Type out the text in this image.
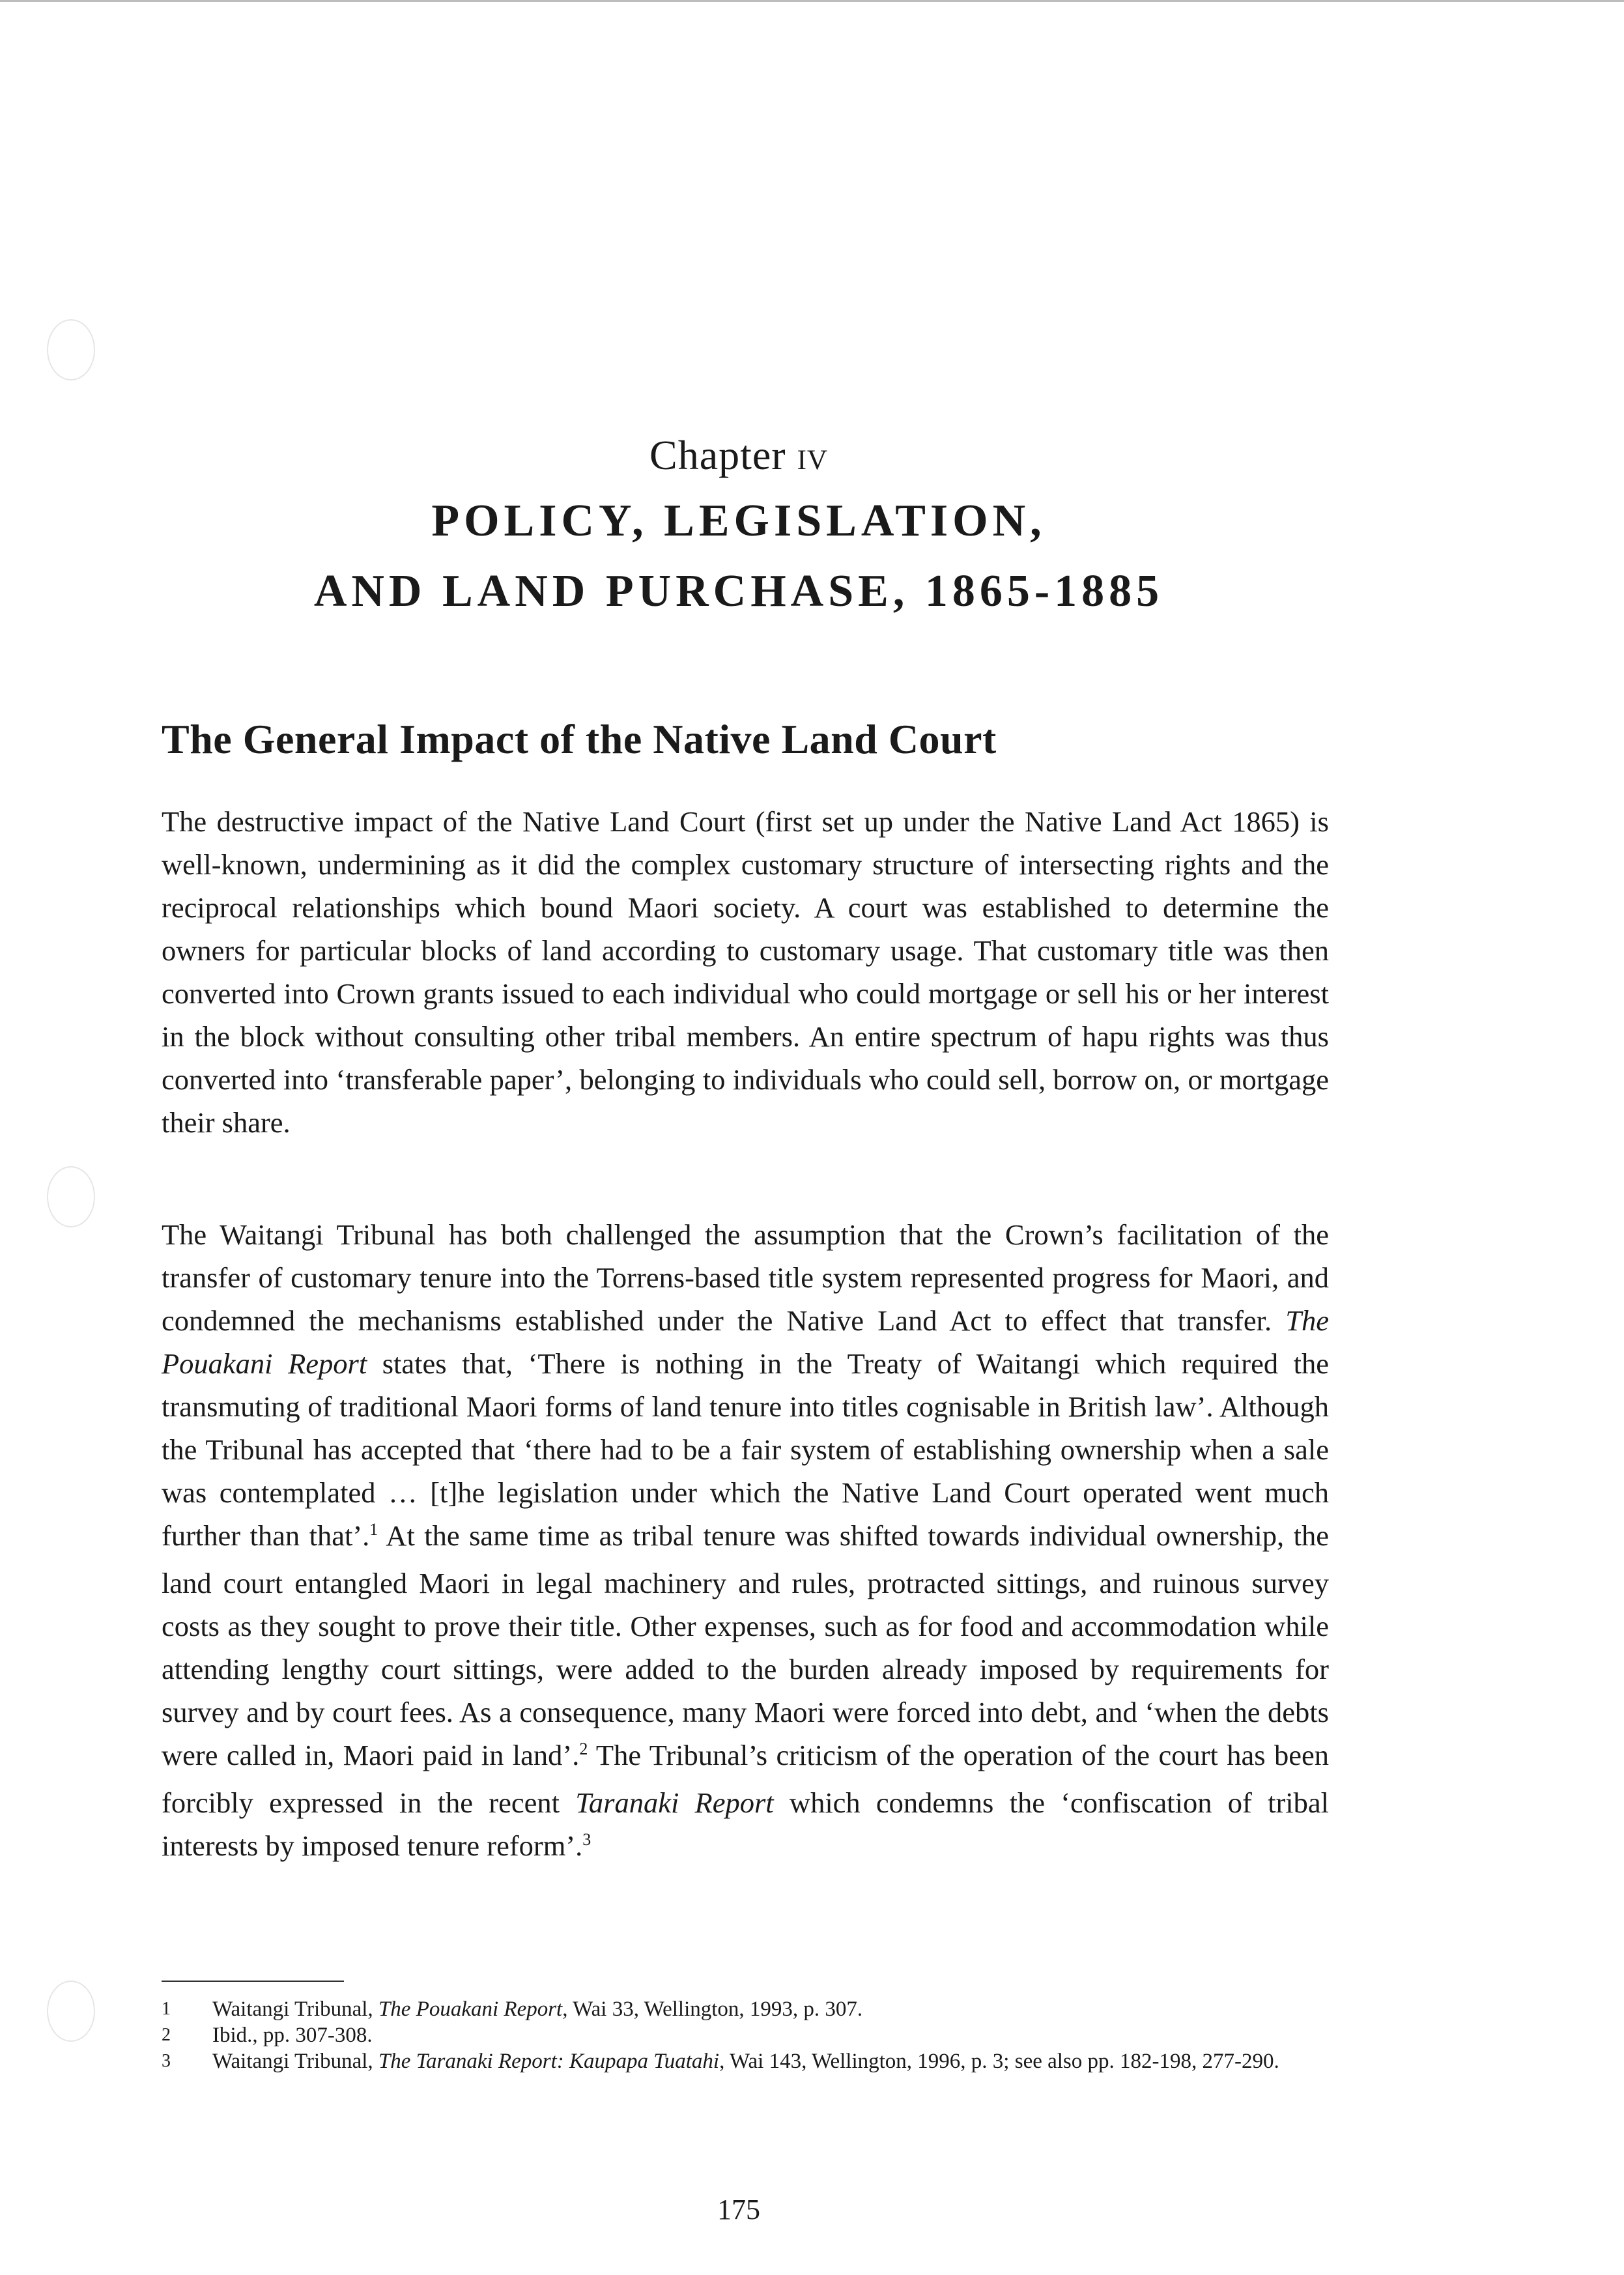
Chapter iv
POLICY, LEGISLATION,
AND LAND PURCHASE, 1865-1885
The General Impact of the Native Land Court

The destructive impact of the Native Land Court (first set up under the Native Land Act 1865) is well-known, undermining as it did the complex customary structure of intersecting rights and the reciprocal relationships which bound Maori society. A court was established to determine the owners for particular blocks of land according to customary usage. That customary title was then converted into Crown grants issued to each individual who could mortgage or sell his or her interest in the block without consulting other tribal members. An entire spectrum of hapu rights was thus converted into ‘transferable paper’, belonging to individuals who could sell, borrow on, or mortgage their share.

The Waitangi Tribunal has both challenged the assumption that the Crown’s facilitation of the transfer of customary tenure into the Torrens-based title system represented progress for Maori, and condemned the mechanisms established under the Native Land Act to effect that transfer. The Pouakani Report states that, ‘There is nothing in the Treaty of Waitangi which required the transmuting of traditional Maori forms of land tenure into titles cognisable in British law’. Although the Tribunal has accepted that ‘there had to be a fair system of establishing ownership when a sale was contemplated … [t]he legislation under which the Native Land Court operated went much further than that’.$^1$ At the same time as tribal tenure was shifted towards individual ownership, the land court entangled Maori in legal machinery and rules, protracted sittings, and ruinous survey costs as they sought to prove their title. Other expenses, such as for food and accommodation while attending lengthy court sittings, were added to the burden already imposed by requirements for survey and by court fees. As a consequence, many Maori were forced into debt, and ‘when the debts were called in, Maori paid in land’.$^2$ The Tribunal’s criticism of the operation of the court has been forcibly expressed in the recent Taranaki Report which condemns the ‘confiscation of tribal interests by imposed tenure reform’.$^3$

1	Waitangi Tribunal, The Pouakani Report, Wai 33, Wellington, 1993, p. 307.

2	Ibid., pp. 307-308.

3	Waitangi Tribunal, The Taranaki Report: Kaupapa Tuatahi, Wai 143, Wellington, 1996, p. 3; see also pp. 182-198, 277-290.

175
